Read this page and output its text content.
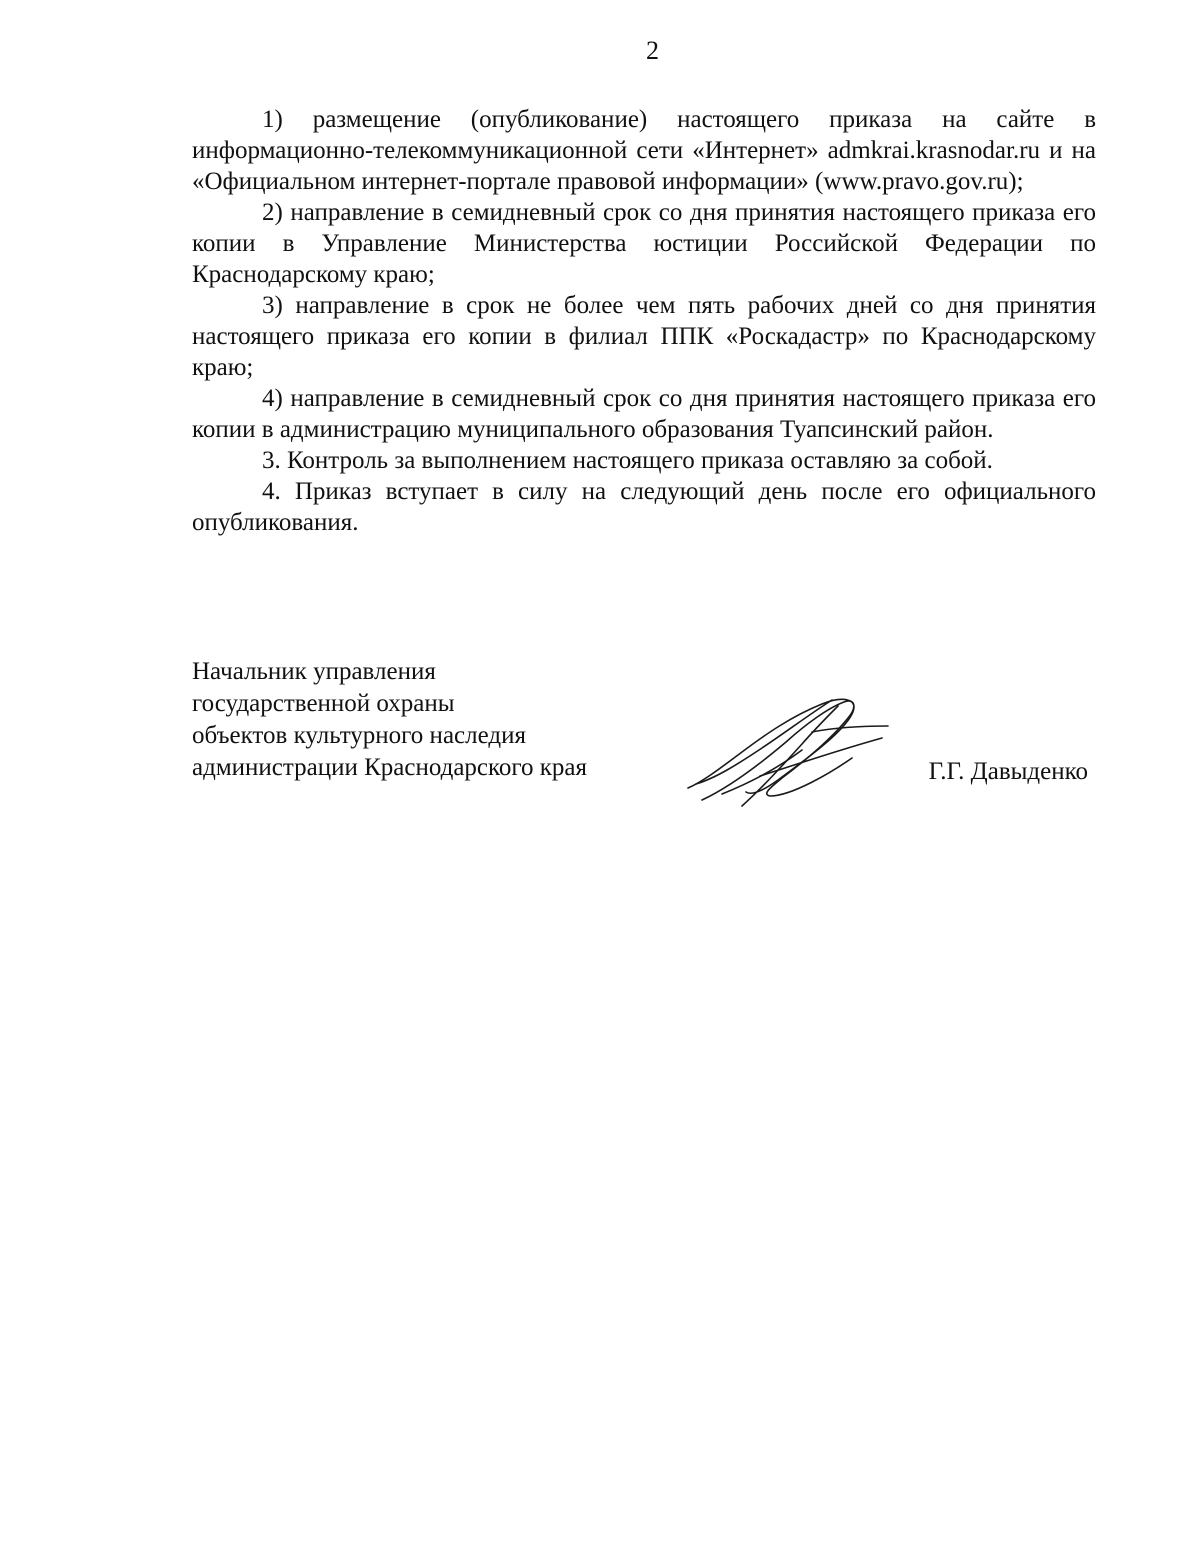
2

1) размещение (опубликование) настоящего приказа на сайте в информационно-телекоммуникационной сети «Интернет» admkrai.krasnodar.ru и на «Официальном интернет-портале правовой информации» (www.pravo.gov.ru);

2) направление в семидневный срок со дня принятия настоящего приказа его копии в Управление Министерства юстиции Российской Федерации по Краснодарскому краю;

3) направление в срок не более чем пять рабочих дней со дня принятия настоящего приказа его копии в филиал ППК «Роскадастр» по Краснодарскому краю;

4) направление в семидневный срок со дня принятия настоящего приказа его копии в администрацию муниципального образования Туапсинский район.

3. Контроль за выполнением настоящего приказа оставляю за собой.

4. Приказ вступает в силу на следующий день после его официального опубликования.

Начальник управления
государственной охраны
объектов культурного наследия
администрации Краснодарского края	Г.Г. Давыденко
